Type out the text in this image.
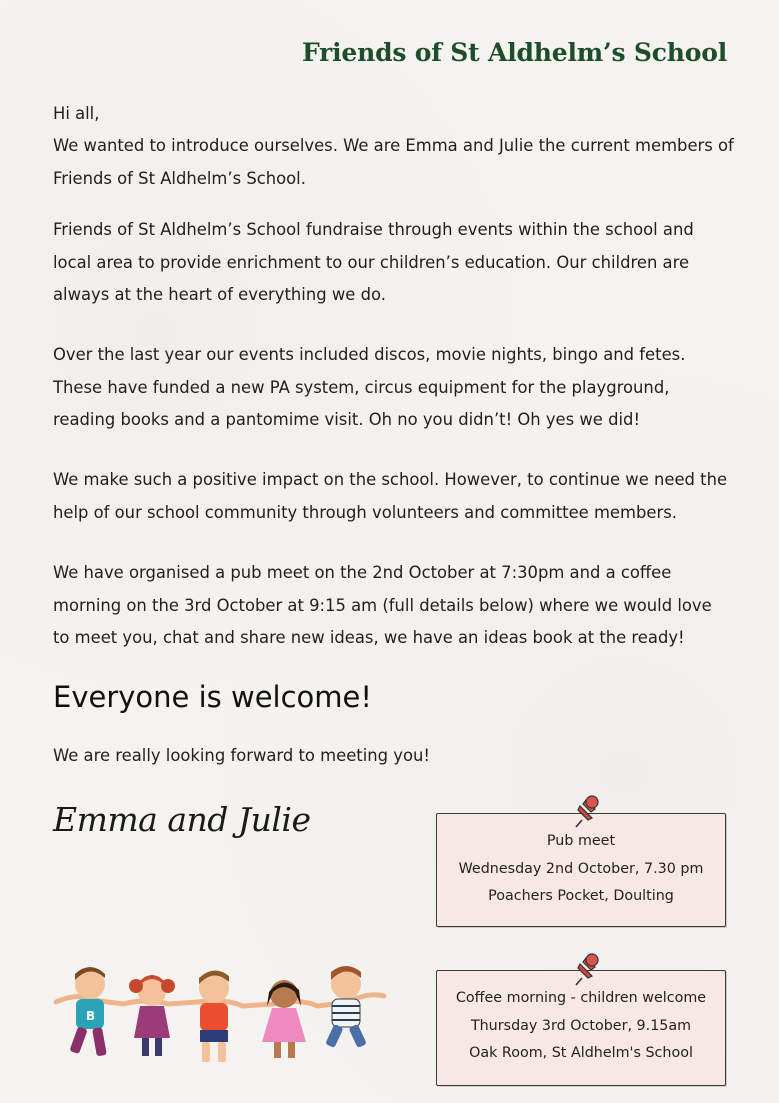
Friends of St Aldhelm’s School
Hi all,
We wanted to introduce ourselves. We are Emma and Julie the current members of Friends of St Aldhelm’s School.
Friends of St Aldhelm’s School fundraise through events within the school and local area to provide enrichment to our children’s education. Our children are always at the heart of everything we do.
Over the last year our events included discos, movie nights, bingo and fetes. These have funded a new PA system, circus equipment for the playground, reading books and a pantomime visit. Oh no you didn’t! Oh yes we did!
We make such a positive impact on the school. However, to continue we need the help of our school community through volunteers and committee members.
We have organised a pub meet on the 2nd October at 7:30pm and a coffee morning on the 3rd October at 9:15 am (full details below) where we would love to meet you, chat and share new ideas, we have an ideas book at the ready!
Everyone is welcome!
We are really looking forward to meeting you!
Emma and Julie
Pub meet
Wednesday 2nd October, 7.30 pm
Poachers Pocket, Doulting
Coffee morning - children welcome
Thursday 3rd October, 9.15am
Oak Room, St Aldhelm's School
B
